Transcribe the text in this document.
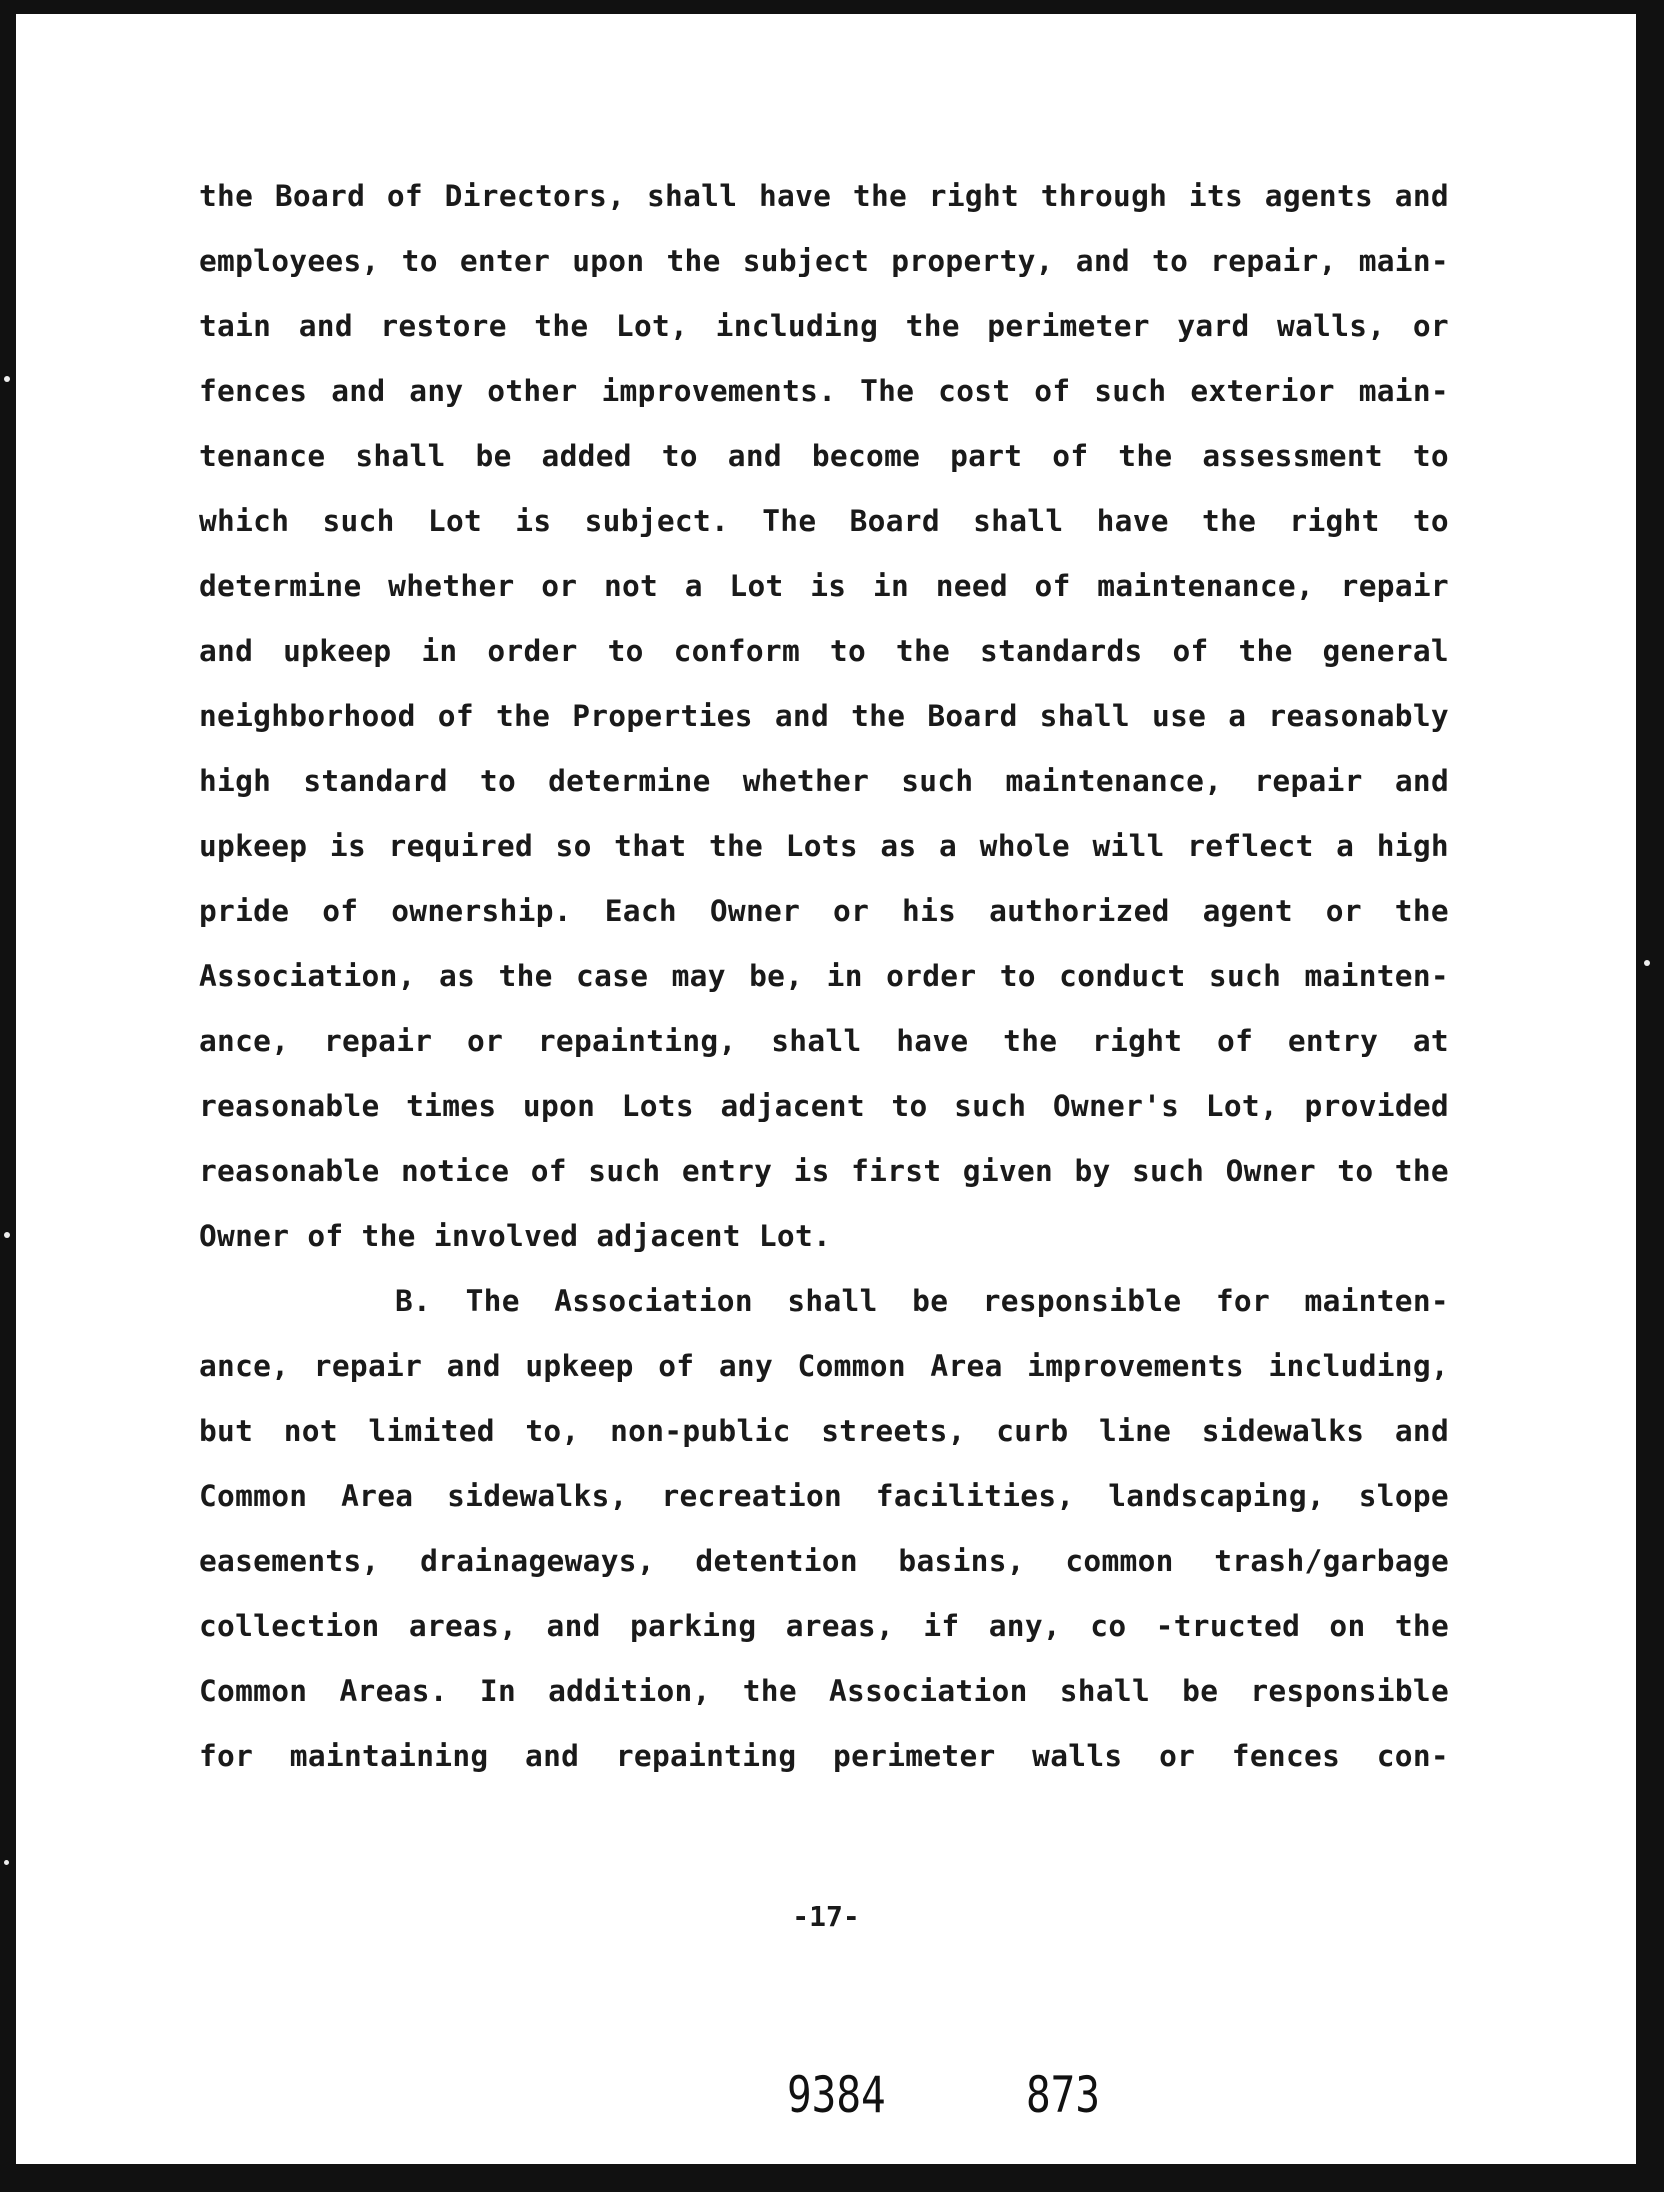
the Board of Directors, shall have the right through its agents and
employees, to enter upon the subject property, and to repair, main-
tain and restore the Lot, including the perimeter yard walls, or
fences and any other improvements. The cost of such exterior main-
tenance shall be added to and become part of the assessment to
which such Lot is subject. The Board shall have the right to
determine whether or not a Lot is in need of maintenance, repair
and upkeep in order to conform to the standards of the general
neighborhood of the Properties and the Board shall use a reasonably
high standard to determine whether such maintenance, repair and
upkeep is required so that the Lots as a whole will reflect a high
pride of ownership. Each Owner or his authorized agent or the
Association, as the case may be, in order to conduct such mainten-
ance, repair or repainting, shall have the right of entry at
reasonable times upon Lots adjacent to such Owner's Lot, provided
reasonable notice of such entry is first given by such Owner to the
Owner of the involved adjacent Lot.
B. The Association shall be responsible for mainten-
ance, repair and upkeep of any Common Area improvements including,
but not limited to, non-public streets, curb line sidewalks and
Common Area sidewalks, recreation facilities, landscaping, slope
easements, drainageways, detention basins, common trash/garbage
collection areas, and parking areas, if any, co -tructed on the
Common Areas. In addition, the Association shall be responsible
for maintaining and repainting perimeter walls or fences con-
-17-
9384	873
